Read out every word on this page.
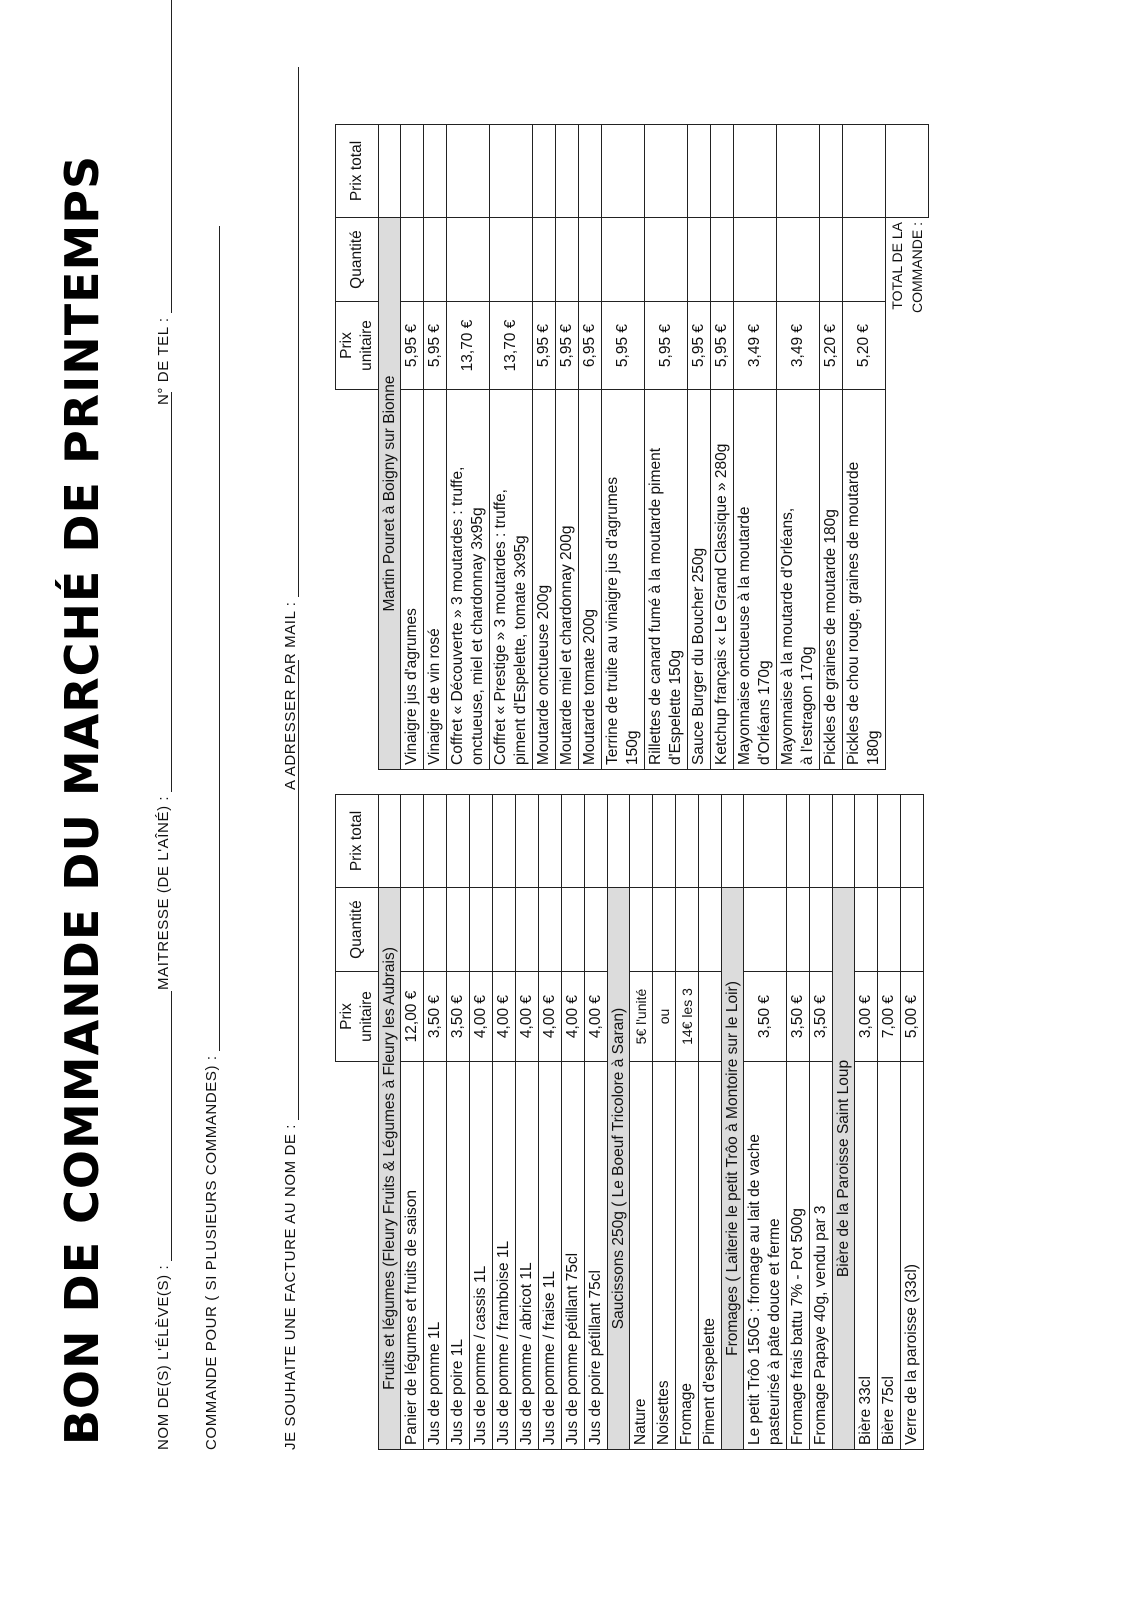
BON DE COMMANDE DU MARCHÉ DE PRINTEMPS	NOM DE(S) L'ÉLÈVE(S) :
MAITRESSE (DE L'AÎNÉ) :
N° DE TEL :
COMMANDE POUR ( SI PLUSIEURS COMMANDES) :	JE SOUHAITE UNE FACTURE AU NOM DE :
A ADRESSER PAR MAIL :
	Prix unitaire	Quantité	Prix total
Fruits et légumes (Fleury Fruits & Légumes à Fleury les Aubrais)			
Panier de légumes et fruits de saison	12,00 €		
Jus de pomme 1L	3,50 €		
Jus de poire 1L	3,50 €		
Jus de pomme / cassis 1L	4,00 €		
Jus de pomme / framboise 1L	4,00 €		
Jus de pomme / abricot 1L	4,00 €		
Jus de pomme / fraise 1L	4,00 €		
Jus de pomme pétillant 75cl	4,00 €		
Jus de poire pétillant 75cl	4,00 €		
Saucissons 250g ( Le Boeuf Tricolore à Saran)			
Nature	5€ l'unité		
Noisettes	ou		
Fromage	14€ les 3		
Piment d'espelette			
Fromages ( Laiterie le petit Trôo à Montoire sur le Loir)			
Le petit Trôo 150G : fromage au lait de vache pasteurisé à pâte douce et ferme	3,50 €		
Fromage frais battu 7% - Pot 500g	3,50 €		
Fromage Papaye 40g, vendu par 3	3,50 €		
Bière de la Paroisse Saint Loup			
Bière 33cl	3,00 €		
Bière 75cl	7,00 €		
Verre de la paroisse (33cl)	5,00 €		
	Prix unitaire	Quantité	Prix total
Martin Pouret à Boigny sur Bionne			
Vinaigre jus d'agrumes	5,95 €		
Vinaigre de vin rosé	5,95 €		
Coffret « Découverte » 3 moutardes : truffe, onctueuse, miel et chardonnay 3x95g	13,70 €		
Coffret « Prestige » 3 moutardes : truffe, piment d'Espelette, tomate 3x95g	13,70 €		
Moutarde onctueuse 200g	5,95 €		
Moutarde miel et chardonnay 200g	5,95 €		
Moutarde tomate 200g	6,95 €		
Terrine de truite au vinaigre jus d'agrumes 150g	5,95 €		
Rillettes de canard fumé à la moutarde piment d'Espelette 150g	5,95 €		
Sauce Burger du Boucher 250g	5,95 €		
Ketchup français « Le Grand Classique » 280g	5,95 €		
Mayonnaise onctueuse à la moutarde d'Orléans 170g	3,49 €		
Mayonnaise à la moutarde d'Orléans, à l'estragon 170g	3,49 €		
Pickles de graines de moutarde 180g	5,20 €		
Pickles de chou rouge, graines de moutarde 180g	5,20 €		
	TOTAL DE LA COMMANDE :		
